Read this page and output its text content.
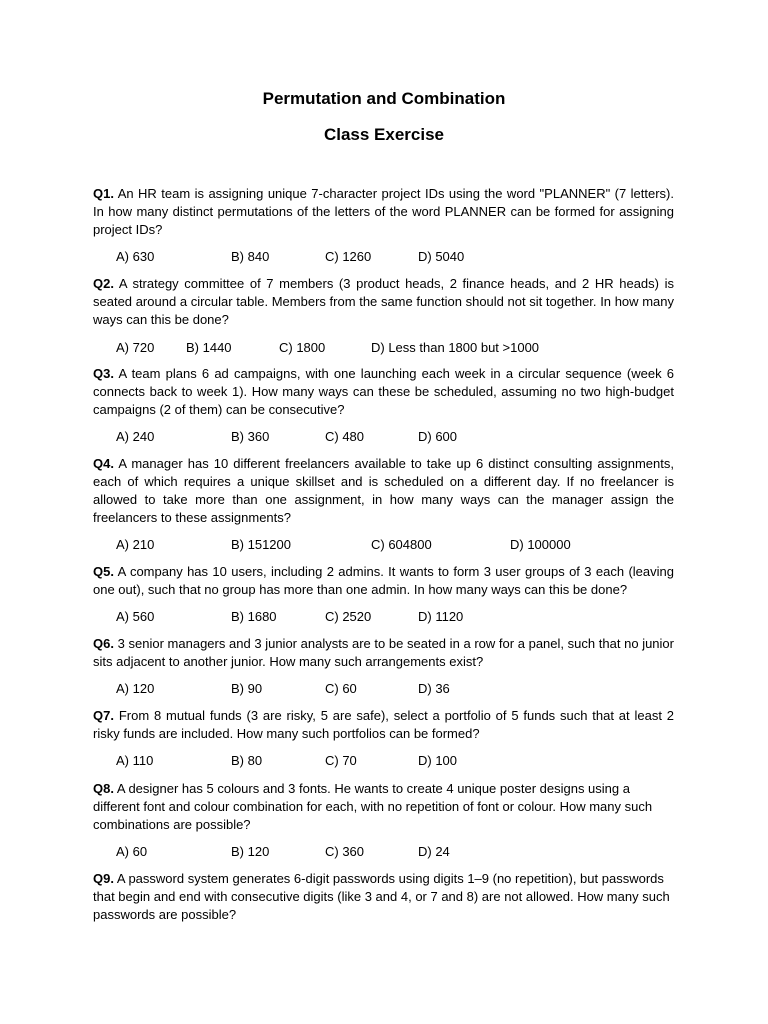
Permutation and Combination
Class Exercise
Q1. An HR team is assigning unique 7-character project IDs using the word "PLANNER" (7 letters). In how many distinct permutations of the letters of the word PLANNER can be formed for assigning project IDs?
A) 630	B) 840	C) 1260	D) 5040
Q2. A strategy committee of 7 members (3 product heads, 2 finance heads, and 2 HR heads) is seated around a circular table. Members from the same function should not sit together. In how many ways can this be done?
A) 720 B) 1440	C) 1800	D) Less than 1800 but >1000
Q3. A team plans 6 ad campaigns, with one launching each week in a circular sequence (week 6 connects back to week 1). How many ways can these be scheduled, assuming no two high-budget campaigns (2 of them) can be consecutive?
A) 240	B) 360	C) 480	D) 600
Q4. A manager has 10 different freelancers available to take up 6 distinct consulting assignments, each of which requires a unique skillset and is scheduled on a different day. If no freelancer is allowed to take more than one assignment, in how many ways can the manager assign the freelancers to these assignments?
A) 210	B) 151200	C) 604800	D) 100000
Q5. A company has 10 users, including 2 admins. It wants to form 3 user groups of 3 each (leaving one out), such that no group has more than one admin. In how many ways can this be done?
A) 560	B) 1680	C) 2520	D) 1120
Q6. 3 senior managers and 3 junior analysts are to be seated in a row for a panel, such that no junior sits adjacent to another junior. How many such arrangements exist?
A) 120	B) 90	C) 60	D) 36
Q7. From 8 mutual funds (3 are risky, 5 are safe), select a portfolio of 5 funds such that at least 2 risky funds are included. How many such portfolios can be formed?
A) 110	B) 80	C) 70	D) 100
Q8. A designer has 5 colours and 3 fonts. He wants to create 4 unique poster designs using a different font and colour combination for each, with no repetition of font or colour. How many such combinations are possible?
A) 60	B) 120	C) 360	D) 24
Q9. A password system generates 6-digit passwords using digits 1–9 (no repetition), but passwords that begin and end with consecutive digits (like 3 and 4, or 7 and 8) are not allowed. How many such passwords are possible?
